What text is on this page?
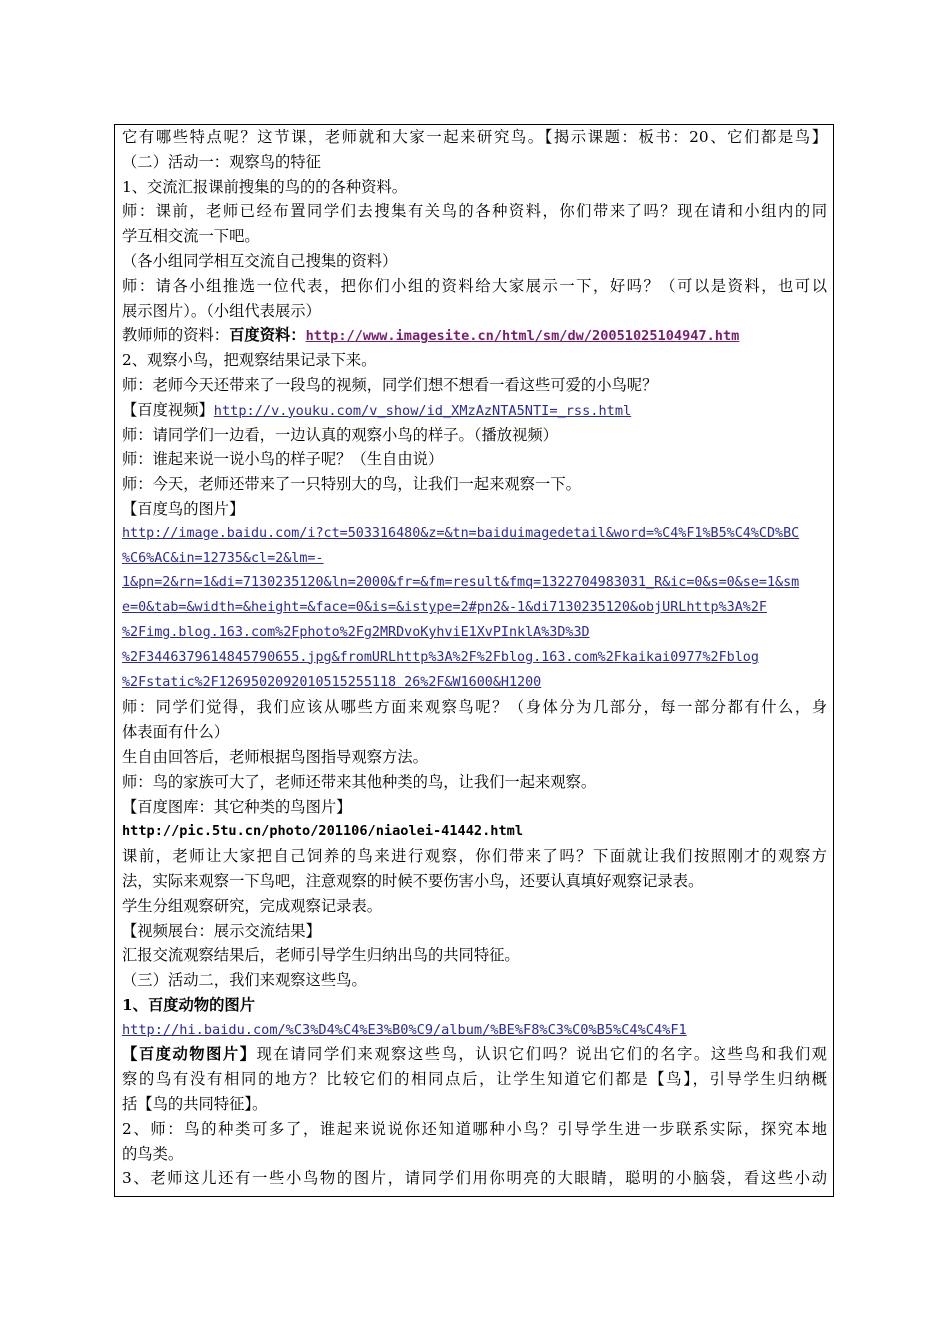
它有哪些特点呢？这节课，老师就和大家一起来研究鸟。【揭示课题：板书：20、它们都是鸟】
（二）活动一：观察鸟的特征
1、交流汇报课前搜集的鸟的的各种资料。
师：课前，老师已经布置同学们去搜集有关鸟的各种资料，你们带来了吗？现在请和小组内的同
学互相交流一下吧。
（各小组同学相互交流自己搜集的资料）
师：请各小组推选一位代表，把你们小组的资料给大家展示一下，好吗？（可以是资料，也可以
展示图片）。（小组代表展示）
教师师的资料：百度资料：http://www.imagesite.cn/html/sm/dw/20051025104947.htm
2、观察小鸟，把观察结果记录下来。
师：老师今天还带来了一段鸟的视频，同学们想不想看一看这些可爱的小鸟呢？
【百度视频】http://v.youku.com/v_show/id_XMzAzNTA5NTI=_rss.html
师：请同学们一边看，一边认真的观察小鸟的样子。（播放视频）
师：谁起来说一说小鸟的样子呢？（生自由说）
师：今天，老师还带来了一只特别大的鸟，让我们一起来观察一下。
【百度鸟的图片】
http://image.baidu.com/i?ct=503316480&z=&tn=baiduimagedetail&word=%C4%F1%B5%C4%CD%BC
%C6%AC&in=12735&cl=2&lm=-
1&pn=2&rn=1&di=7130235120&ln=2000&fr=&fm=result&fmq=1322704983031_R&ic=0&s=0&se=1&sm
e=0&tab=&width=&height=&face=0&is=&istype=2#pn2&-1&di7130235120&objURLhttp%3A%2F
%2Fimg.blog.163.com%2Fphoto%2Fg2MRDvoKyhviE1XvPInklA%3D%3D
%2F3446379614845790655.jpg&fromURLhttp%3A%2F%2Fblog.163.com%2Fkaikai0977%2Fblog
%2Fstatic%2F1269502092010515255118 26%2F&W1600&H1200
师：同学们觉得，我们应该从哪些方面来观察鸟呢？（身体分为几部分，每一部分都有什么，身
体表面有什么）
生自由回答后，老师根据鸟图指导观察方法。
师：鸟的家族可大了，老师还带来其他种类的鸟，让我们一起来观察。
【百度图库：其它种类的鸟图片】
http://pic.5tu.cn/photo/201106/niaolei-41442.html
课前，老师让大家把自己饲养的鸟来进行观察，你们带来了吗？下面就让我们按照刚才的观察方
法，实际来观察一下鸟吧，注意观察的时候不要伤害小鸟，还要认真填好观察记录表。
学生分组观察研究，完成观察记录表。
【视频展台：展示交流结果】
汇报交流观察结果后，老师引导学生归纳出鸟的共同特征。
（三）活动二，我们来观察这些鸟。
1、百度动物的图片
http://hi.baidu.com/%C3%D4%C4%E3%B0%C9/album/%BE%F8%C3%C0%B5%C4%C4%F1
【百度动物图片】现在请同学们来观察这些鸟，认识它们吗？说出它们的名字。这些鸟和我们观
察的鸟有没有相同的地方？比较它们的相同点后，让学生知道它们都是【鸟】，引导学生归纳概
括【鸟的共同特征】。
2、师：鸟的种类可多了，谁起来说说你还知道哪种小鸟？引导学生进一步联系实际，探究本地
的鸟类。
3、老师这儿还有一些小鸟物的图片，请同学们用你明亮的大眼睛，聪明的小脑袋，看这些小动
